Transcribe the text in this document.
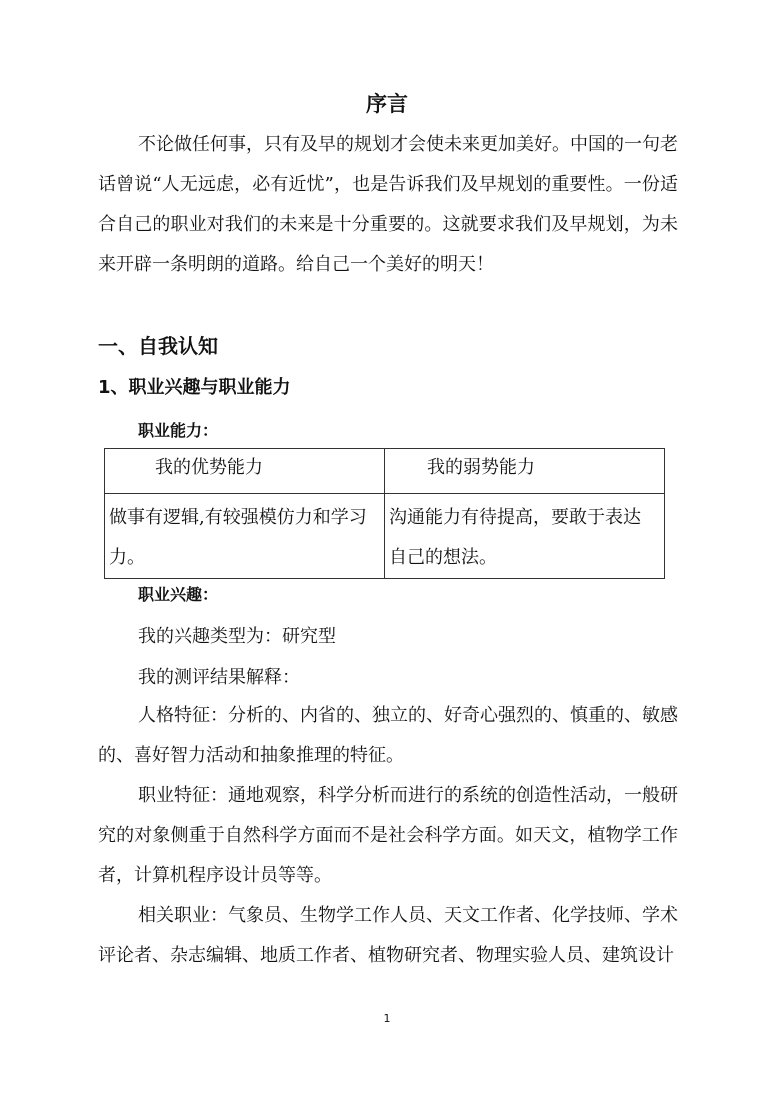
序言

不论做任何事，只有及早的规划才会使未来更加美好。中国的一句老话曾说“人无远虑，必有近忧”，也是告诉我们及早规划的重要性。一份适合自己的职业对我们的未来是十分重要的。这就要求我们及早规划，为未来开辟一条明朗的道路。给自己一个美好的明天！

一、自我认知
1、职业兴趣与职业能力
职业能力：
我的优势能力	我的弱势能力
做事有逻辑,有较强模仿力和学习力。	沟通能力有待提高，要敢于表达自己的想法。
职业兴趣：
我的兴趣类型为：研究型
我的测评结果解释：

人格特征：分析的、内省的、独立的、好奇心强烈的、慎重的、敏感的、喜好智力活动和抽象推理的特征。

职业特征：通地观察，科学分析而进行的系统的创造性活动，一般研究的对象侧重于自然科学方面而不是社会科学方面。如天文，植物学工作者，计算机程序设计员等等。

相关职业：气象员、生物学工作人员、天文工作者、化学技师、学术评论者、杂志编辑、地质工作者、植物研究者、物理实验人员、建筑设计

1
